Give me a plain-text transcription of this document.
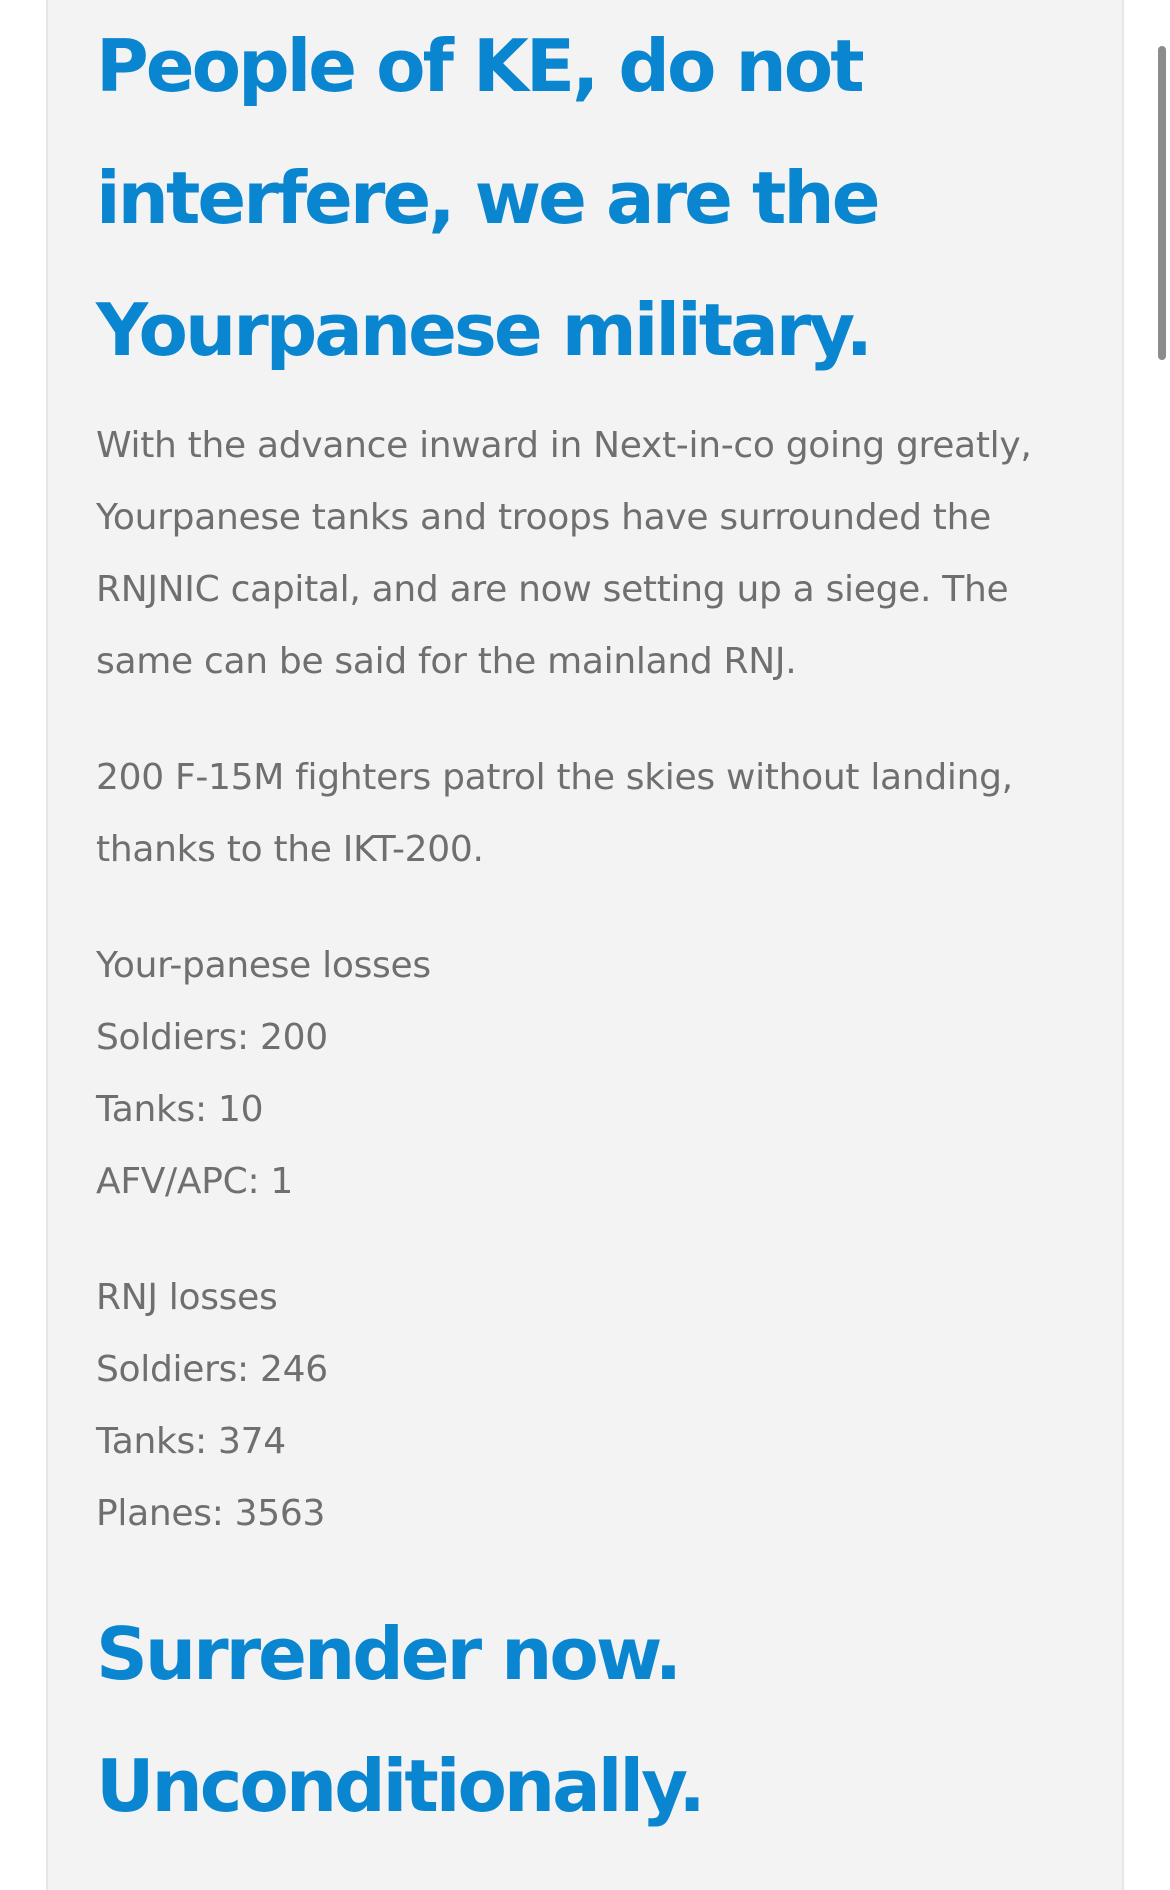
People of KE, do not interfere, we are the Yourpanese military.

With the advance inward in Next-in-co going greatly, Yourpanese tanks and troops have surrounded the RNJNIC capital, and are now setting up a siege. The same can be said for the mainland RNJ.

200 F-15M fighters patrol the skies without landing, thanks to the IKT-200.

Your-panese losses
Soldiers: 200
Tanks: 10
AFV/APC: 1

RNJ losses
Soldiers: 246
Tanks: 374
Planes: 3563

Surrender now.
Unconditionally.
